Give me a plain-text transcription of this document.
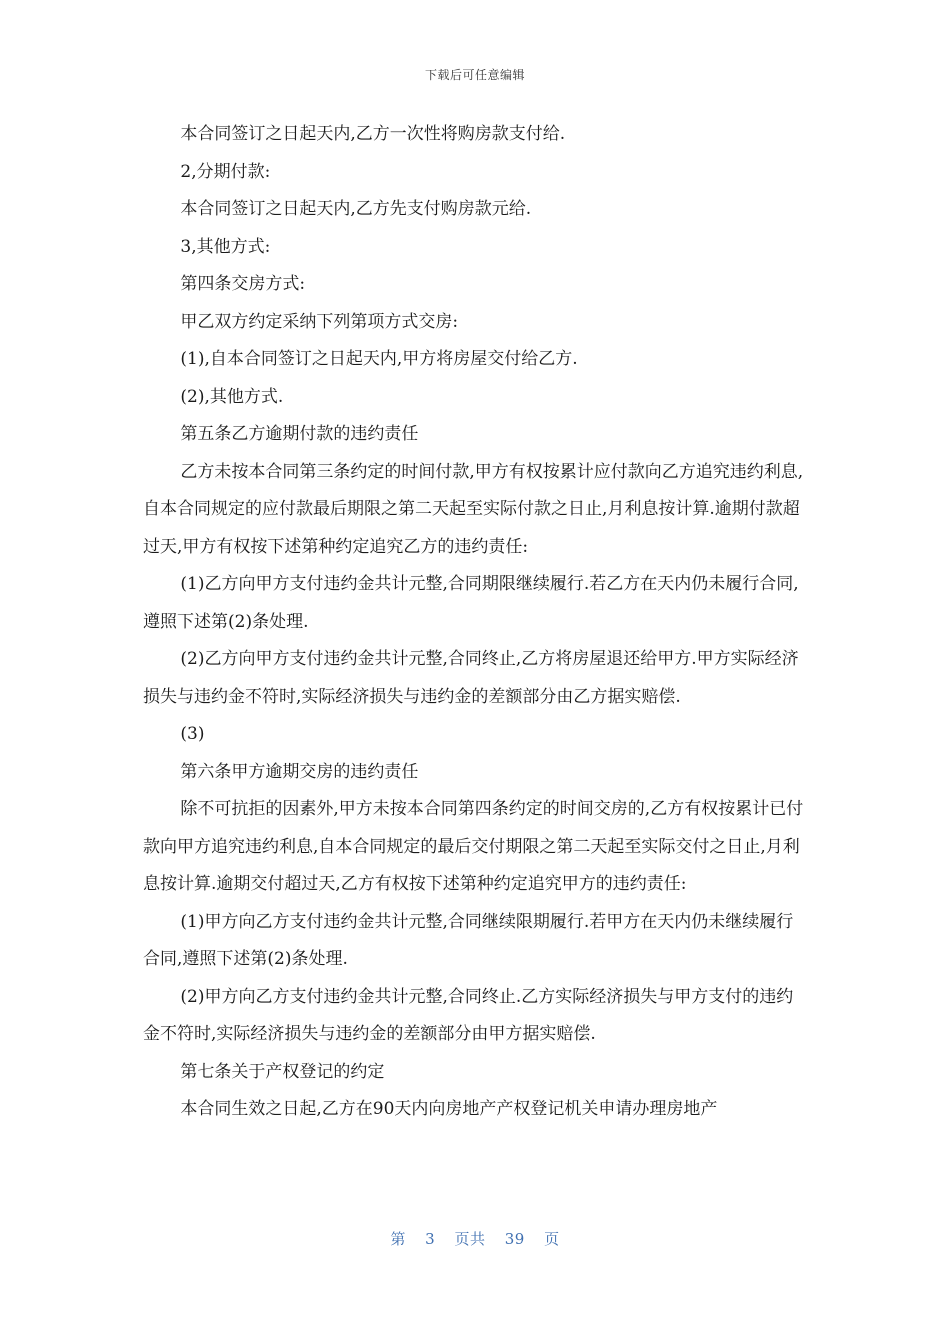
下载后可任意编辑

本合同签订之日起天内,乙方一次性将购房款支付给.

2,分期付款:

本合同签订之日起天内,乙方先支付购房款元给.

3,其他方式:

第四条交房方式:

甲乙双方约定采纳下列第项方式交房:

(1),自本合同签订之日起天内,甲方将房屋交付给乙方.

(2),其他方式.

第五条乙方逾期付款的违约责任

乙方未按本合同第三条约定的时间付款,甲方有权按累计应付款向乙方追究违约利息,自本合同规定的应付款最后期限之第二天起至实际付款之日止,月利息按计算.逾期付款超过天,甲方有权按下述第种约定追究乙方的违约责任:

(1)乙方向甲方支付违约金共计元整,合同期限继续履行.若乙方在天内仍未履行合同,遵照下述第(2)条处理.

(2)乙方向甲方支付违约金共计元整,合同终止,乙方将房屋退还给甲方.甲方实际经济损失与违约金不符时,实际经济损失与违约金的差额部分由乙方据实赔偿.

(3)

第六条甲方逾期交房的违约责任

除不可抗拒的因素外,甲方未按本合同第四条约定的时间交房的,乙方有权按累计已付款向甲方追究违约利息,自本合同规定的最后交付期限之第二天起至实际交付之日止,月利息按计算.逾期交付超过天,乙方有权按下述第种约定追究甲方的违约责任:

(1)甲方向乙方支付违约金共计元整,合同继续限期履行.若甲方在天内仍未继续履行合同,遵照下述第(2)条处理.

(2)甲方向乙方支付违约金共计元整,合同终止.乙方实际经济损失与甲方支付的违约金不符时,实际经济损失与违约金的差额部分由甲方据实赔偿.

第七条关于产权登记的约定

本合同生效之日起,乙方在90天内向房地产产权登记机关申请办理房地产

第 3 页共 39 页
